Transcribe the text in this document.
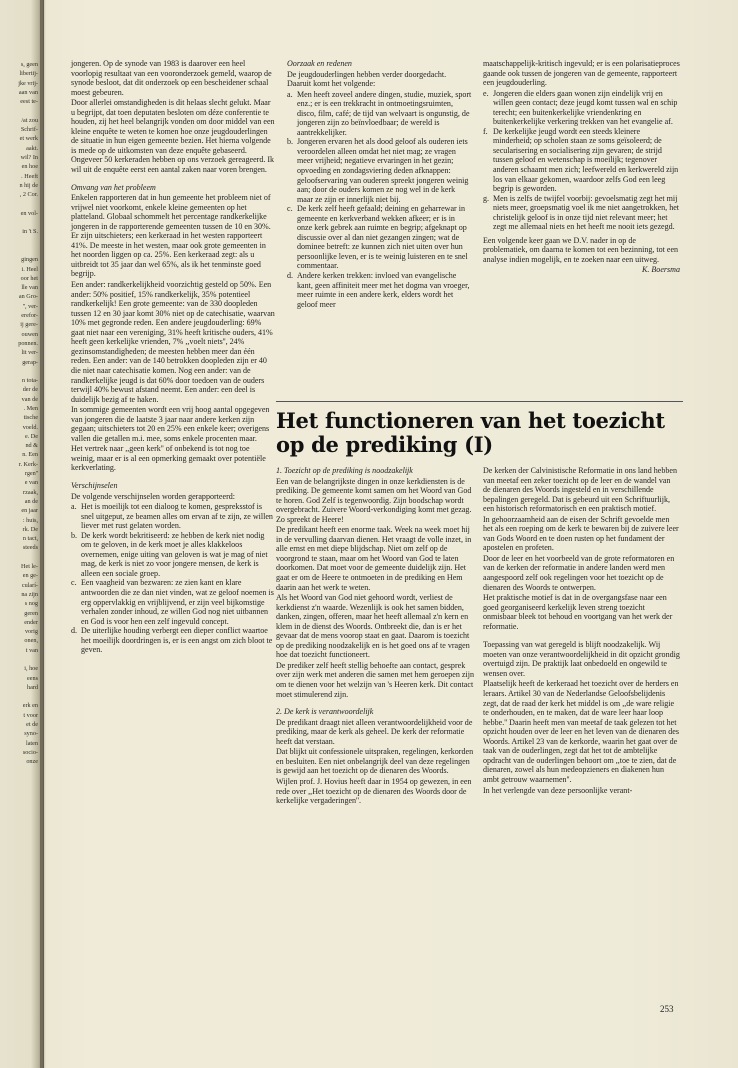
s, geen
libertij-
jke vrij-
aan van
eest te-
/at zou
Schrif-
et werk
aakt.
wil? In
en hoe
. Heeft
n hij de
, 2 Cor.
en vol-
in 't S.
gingen
i. Heel
oor het
lle van
an Gro-
'', ver-
erefor-
ij gere-
ouwen
ponnen.
lit ver-
gerap-
n tota-
der de
van de
. Men
tische
voeld.
e. De
nd &
n. Een
r. Kerk-
rgen''
e van
rzaak,
an de
en jaar
: huis,
rk. De
n tact,
steeds
Het le-
en ge-
cularí-
na zijn
s nog
geren
ender
vorig
onen,
t van
i, hoe
eens
hard
erk en
t voor
et de
syno-
laten
socio-
onze

jongeren. Op de synode van 1983 is daarover een heel voorlopig resultaat van een vooronderzoek gemeld, waarop de synode besloot, dat dit onderzoek op een bescheidener schaal moest gebeuren.

Door allerlei omstandigheden is dit helaas slecht gelukt. Maar u begrijpt, dat toen deputaten besloten om déze conferentie te houden, zij het heel belangrijk vonden om door middel van een kleine enquête te weten te komen hoe onze jeugdouderlingen de situatie in hun eigen gemeente bezien. Het hierna volgende is mede op de uitkomsten van deze enquête gebaseerd. Ongeveer 50 kerkeraden hebben op ons verzoek gereageerd. Ik wil uit de enquête eerst een aantal zaken naar voren brengen.

Omvang van het probleem

Enkelen rapporteren dat in hun gemeente het probleem niet of vrijwel niet voorkomt, enkele kleine gemeenten op het platteland. Globaal schommelt het percentage randkerkelijke jongeren in de rapporterende gemeenten tussen de 10 en 30%. Er zijn uitschieters; een kerkeraad in het westen rapporteert 41%. De meeste in het westen, maar ook grote gemeenten in het noorden liggen op ca. 25%. Een kerkeraad zegt: als u uitbreidt tot 35 jaar dan wel 65%, als ik het tenminste goed begrijp.

Een ander: randkerkelijkheid voorzichtig gesteld op 50%. Een ander: 50% positief, 15% randkerkelijk, 35% potentieel randkerkelijk! Een grote gemeente: van de 330 doopleden tussen 12 en 30 jaar komt 30% niet op de catechisatie, waarvan 10% met gegronde reden. Een andere jeugdouderling: 69% gaat niet naar een vereniging, 31% heeft kritische ouders, 41% heeft geen kerkelijke vrienden, 7% ,,voelt niets'', 24% gezinsomstandigheden; de meesten hebben meer dan één reden. Een ander: van de 140 betrokken doopleden zijn er 40 die niet naar catechisatie komen. Nog een ander: van de randkerkelijke jeugd is dat 60% door toedoen van de ouders terwijl 40% bewust afstand neemt. Een ander: een deel is duidelijk bezig af te haken.

In sommige gemeenten wordt een vrij hoog aantal opgegeven van jongeren die de laatste 3 jaar naar andere kerken zijn gegaan; uitschieters tot 20 en 25% een enkele keer; overigens vallen die getallen m.i. mee, soms enkele procenten maar.

Het vertrek naar ,,geen kerk'' of onbekend is tot nog toe weinig, maar er is al een opmerking gemaakt over potentiële kerkverlating.

Verschijnselen

De volgende verschijnselen worden gerapporteerd:

a. Het is moeilijk tot een dialoog te komen, gespreksstof is snel uitgeput, ze beamen alles om ervan af te zijn, ze willen liever met rust gelaten worden.
b. De kerk wordt bekritiseerd: ze hebben de kerk niet nodig om te geloven, in de kerk moet je alles klakkeloos overnemen, enige uiting van geloven is wat je mag of niet mag, de kerk is niet zo voor jongere mensen, de kerk is alleen een sociale groep.
c. Een vaagheid van bezwaren: ze zien kant en klare antwoorden die ze dan niet vinden, wat ze geloof noemen is erg oppervlakkig en vrijblijvend, er zijn veel bijkomstige verhalen zonder inhoud, ze willen God nog niet uitbannen en God is voor hen een zelf ingevuld concept.
d. De uiterlijke houding verbergt een dieper conflict waartoe het moeilijk doordringen is, er is een angst om zich bloot te geven.

Oorzaak en redenen

De jeugdouderlingen hebben verder doorgedacht. Daaruit komt het volgende:

a. Men heeft zoveel andere dingen, studie, muziek, sport enz.; er is een trekkracht in ontmoetingsruimten, disco, film, café; de tijd van welvaart is ongunstig, de jongeren zijn zo beïnvloedbaar; de wereld is aantrekkelijker.
b. Jongeren ervaren het als dood geloof als ouderen iets veroordelen alleen omdat het niet mag; ze vragen meer vrijheid; negatieve ervaringen in het gezin; opvoeding en zondagsviering deden afknappen: geloofservaring van ouderen spreekt jongeren weinig aan; door de ouders komen ze nog wel in de kerk maar ze zijn er innerlijk niet bij.
c. De kerk zelf heeft gefaald; deining en geharrewar in gemeente en kerkverband wekken afkeer; er is in onze kerk gebrek aan ruimte en begrip; afgeknapt op discussie over al dan niet gezangen zingen; wat de dominee betreft: ze kunnen zich niet uiten over hun persoonlijke leven, er is te weinig luisteren en te snel commentaar.
d. Andere kerken trekken: invloed van evangelische kant, geen affiniteit meer met het dogma van vroeger, meer ruimte in een andere kerk, elders wordt het geloof meer

maatschappelijk-kritisch ingevuld; er is een polarisatieproces gaande ook tussen de jongeren van de gemeente, rapporteert een jeugdouderling.

e. Jongeren die elders gaan wonen zijn eindelijk vrij en willen geen contact; deze jeugd komt tussen wal en schip terecht; een buitenkerkelijke vriendenkring en buitenkerkelijke verkering trekken van het evangelie af.
f. De kerkelijke jeugd wordt een steeds kleinere minderheid; op scholen staan ze soms geïsoleerd; de secularisering en socialisering zijn gevaren; de strijd tussen geloof en wetenschap is moeilijk; tegenover anderen schaamt men zich; leefwereld en kerkwereld zijn los van elkaar gekomen, waardoor zelfs God een leeg begrip is geworden.
g. Men is zelfs de twijfel voorbij: gevoelsmatig zegt het mij niets meer, groepsmatig voel ik me niet aangetrokken, het christelijk geloof is in onze tijd niet relevant meer; het zegt me allemaal niets en het heeft me nooit iets gezegd.

Een volgende keer gaan we D.V. nader in op de problematiek, om daarna te komen tot een bezinning, tot een analyse indien mogelijk, en te zoeken naar een uitweg.

K. Boersma

Het functioneren van het toezicht op de prediking (I)

1. Toezicht op de prediking is noodzakelijk

Een van de belangrijkste dingen in onze kerkdiensten is de prediking. De gemeente komt samen om het Woord van God te horen. God Zelf is tegenwoordig. Zijn boodschap wordt overgebracht. Zuivere Woord-verkondiging komt met gezag. Zo spreekt de Heere!

De predikant heeft een enorme taak. Week na week moet hij in de vervulling daarvan dienen. Het vraagt de volle inzet, in alle ernst en met diepe blijdschap. Niet om zelf op de voorgrond te staan, maar om het Woord van God te laten doorkomen. Dat moet voor de gemeente duidelijk zijn. Het gaat er om de Heere te ontmoeten in de prediking en Hem daarin aan het werk te weten.

Als het Woord van God niet gehoord wordt, verliest de kerkdienst z'n waarde. Wezenlijk is ook het samen bidden, danken, zingen, offeren, maar het heeft allemaal z'n kern en klem in de dienst des Woords. Ontbreekt die, dan is er het gevaar dat de mens voorop staat en gaat. Daarom is toezicht op de prediking noodzakelijk en is het goed ons af te vragen hoe dat toezicht functioneert.

De prediker zelf heeft stellig behoefte aan contact, gesprek over zijn werk met anderen die samen met hem geroepen zijn om te dienen voor het welzijn van 's Heeren kerk. Dit contact moet stimulerend zijn.

2. De kerk is verantwoordelijk

De predikant draagt niet alleen verantwoordelijkheid voor de prediking, maar de kerk als geheel. De kerk der reformatie heeft dat verstaan.

Dat blijkt uit confessionele uitspraken, regelingen, kerkorden en besluiten. Een niet onbelangrijk deel van deze regelingen is gewijd aan het toezicht op de dienaren des Woords.

Wijlen prof. J. Hovius heeft daar in 1954 op gewezen, in een rede over ,,Het toezicht op de dienaren des Woords door de kerkelijke vergaderingen''.

De kerken der Calvinistische Reformatie in ons land hebben van meetaf een zeker toezicht op de leer en de wandel van de dienaren des Woords ingesteld en in verschillende bepalingen geregeld. Dat is gebeurd uit een Schriftuurlijk, een historisch reformatorisch en een praktisch motief.

In gehoorzaamheid aan de eisen der Schrift gevoelde men het als een roeping om de kerk te bewaren bij de zuivere leer van Gods Woord en te doen rusten op het fundament der apostelen en profeten.

Door de leer en het voorbeeld van de grote reformatoren en van de kerken der reformatie in andere landen werd men aangespoord zelf ook regelingen voor het toezicht op de dienaren des Woords te ontwerpen.

Het praktische motief is dat in de overgangsfase naar een goed georganiseerd kerkelijk leven streng toezicht onmisbaar bleek tot behoud en voortgang van het werk der reformatie.

Toepassing van wat geregeld is blijft noodzakelijk. Wij moeten van onze verantwoordelijkheid in dit opzicht grondig overtuigd zijn. De praktijk laat onbedoeld en ongewild te wensen over.

Plaatselijk heeft de kerkeraad het toezicht over de herders en leraars. Artikel 30 van de Nederlandse Geloofsbelijdenis zegt, dat de raad der kerk het middel is om ,,de ware religie te onderhouden, en te maken, dat de ware leer haar loop hebbe.'' Daarin heeft men van meetaf de taak gelezen tot het opzicht houden over de leer en het leven van de dienaren des Woords. Artikel 23 van de kerkorde, waarin het gaat over de taak van de ouderlingen, zegt dat het tot de ambtelijke opdracht van de ouderlingen behoort om ,,toe te zien, dat de dienaren, zowel als hun medeopzieners en diakenen hun ambt getrouw waarnemen''.

In het verlengde van deze persoonlijke verant-

253
